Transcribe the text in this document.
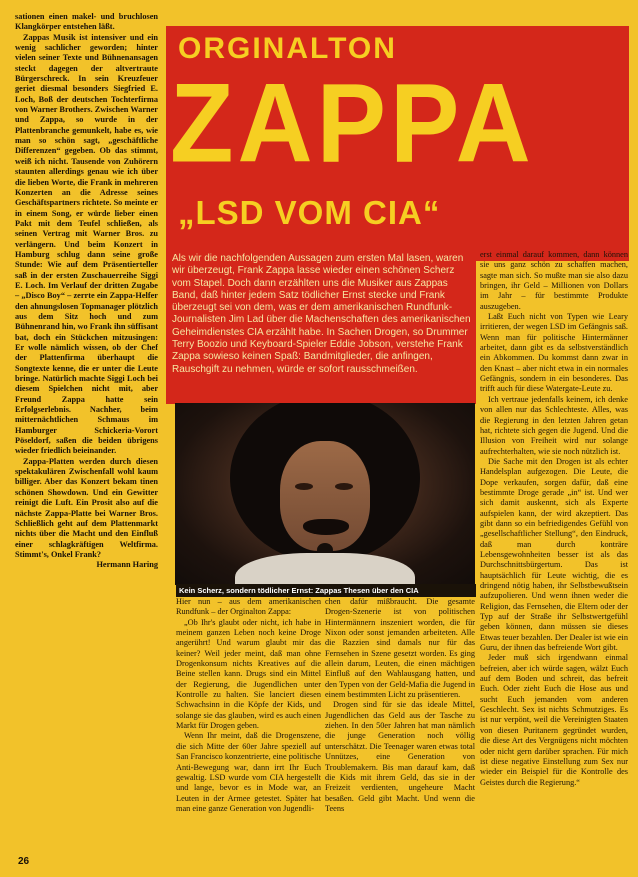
sationen einen makel- und bruchlosen Klangkörper entstehen läßt.

Zappas Musik ist intensiver und ein wenig sachlicher geworden; hinter vielen seiner Texte und Bühnenansagen steckt dagegen der altvertraute Bürgerschreck. In sein Kreuzfeuer geriet diesmal besonders Siegfried E. Loch, Boß der deutschen Tochterfirma von Warner Brothers. Zwischen Warner und Zappa, so wurde in der Plattenbranche gemunkelt, habe es, wie man so schön sagt, „geschäftliche Differenzen“ gegeben. Ob das stimmt, weiß ich nicht. Tausende von Zuhörern staunten allerdings genau wie ich über die lieben Worte, die Frank in mehreren Konzerten an die Adresse seines Geschäftspartners richtete. So meinte er in einem Song, er würde lieber einen Pakt mit dem Teufel schließen, als seinen Vertrag mit Warner Bros. zu verlängern. Und beim Konzert in Hamburg schlug dann seine große Stunde: Wie auf dem Präsentierteller saß in der ersten Zuschauerreihe Siggi E. Loch. Im Verlauf der dritten Zugabe – „Disco Boy“ – zerrte ein Zappa-Helfer den ahnungslosen Topmanager plötzlich aus dem Sitz hoch und zum Bühnenrand hin, wo Frank ihn süffisant bat, doch ein Stückchen mitzusingen: Er wolle nämlich wissen, ob der Chef der Plattenfirma überhaupt die Songtexte kenne, die er unter die Leute bringe. Natürlich machte Siggi Loch bei diesem Spielchen nicht mit, aber Freund Zappa hatte sein Erfolgserlebnis. Nachher, beim mitternächtlichen Schmaus im Hamburger Schickeria-Vorort Pöseldorf, saßen die beiden übrigens wieder friedlich beieinander.

Zappa-Platten werden durch diesen spektakulären Zwischenfall wohl kaum billiger. Aber das Konzert bekam tinen schönen Showdown. Und ein Gewitter reinigt die Luft. Ein Prosit also auf die nächste Zappa-Platte bei Warner Bros. Schließlich geht auf dem Plattenmarkt nichts über die Macht und den Einfluß einer schlagkräftigen Weltfirma. Stimmt's, Onkel Frank?

Hermann Haring

ORGINALTON
ZAPPA
„LSD VOM CIA“
Als wir die nachfolgenden Aussagen zum ersten Mal lasen, waren wir überzeugt, Frank Zappa lasse wieder einen schönen Scherz vom Stapel. Doch dann erzählten uns die Musiker aus Zappas Band, daß hinter jedem Satz tödlicher Ernst stecke und Frank überzeugt sei von dem, was er dem amerikanischen Rundfunk-Journalisten Jim Lad über die Machenschaften des amerikanischen Geheimdienstes CIA erzählt habe. In Sachen Drogen, so Drummer Terry Boozio und Keyboard-Spieler Eddie Jobson, verstehe Frank Zappa sowieso keinen Spaß: Bandmitglieder, die anfingen, Rauschgift zu nehmen, würde er sofort rausschmeißen.

erst einmal darauf kommen, dann können sie uns ganz schön zu schaffen machen, sagte man sich. So mußte man sie also dazu bringen, ihr Geld – Millionen von Dollars im Jahr – für bestimmte Produkte auszugeben.

Laßt Euch nicht von Typen wie Leary irritieren, der wegen LSD im Gefängnis saß. Wenn man für politische Hintermänner arbeitet, dann gibt es da selbstverständlich ein Abkommen. Du kommst dann zwar in den Knast – aber nicht etwa in ein normales Gefängnis, sondern in ein besonderes. Das trifft auch für diese Watergate-Leute zu.

Ich vertraue jedenfalls keinem, ich denke von allen nur das Schlechteste. Alles, was die Regierung in den letzten Jahren getan hat, richtete sich gegen die Jugend. Und die Illusion von Freiheit wird nur solange aufrechterhalten, wie sie noch nützlich ist.

Die Sache mit den Drogen ist als echter Handelsplan aufgezogen. Die Leute, die Dope verkaufen, sorgen dafür, daß eine bestimmte Droge gerade „in“ ist. Und wer sich damit auskennt, sich als Experte aufspielen kann, der wird akzeptiert. Das gibt dann so ein befriedigendes Gefühl von „gesellschaftlicher Stellung“, den Eindruck, daß man durch konträre Lebensgewohnheiten besser ist als das Durchschnittsbürgertum. Das ist hauptsächlich für Leute wichtig, die es dringend nötig haben, ihr Selbstbewußtsein aufzupolieren. Und wenn ihnen weder die Religion, das Fernsehen, die Eltern oder der Typ auf der Straße ihr Selbstwertgefühl geben können, dann müssen sie dieses Etwas teuer bezahlen. Der Dealer ist wie ein Guru, der ihnen das befreiende Wort gibt.

Jeder muß sich irgendwann einmal befreien, aber ich würde sagen, wälzt Euch auf dem Boden und schreit, das befreit Euch. Oder zieht Euch die Hose aus und sucht Euch jemanden vom anderen Geschlecht. Sex ist nichts Schmutziges. Es ist nur verpönt, weil die Vereinigten Staaten von diesen Puritanern gegründet wurden, die diese Art des Vergnügens nicht möchten oder nicht gern darüber sprachen. Für mich ist diese negative Einstellung zum Sex nur wieder ein Beispiel für die Kontrolle des Geistes durch die Regierung.“

Kein Scherz, sondern tödlicher Ernst: Zappas Thesen über den CIA

Hier nun – aus dem amerikanischen Rundfunk – der Orginalton Zappa:

„Ob Ihr's glaubt oder nicht, ich habe in meinem ganzen Leben noch keine Droge angerührt! Und warum glaubt mir das keiner? Weil jeder meint, daß man ohne Drogenkonsum nichts Kreatives auf die Beine stellen kann. Drugs sind ein Mittel der Regierung, die Jugendlichen unter Kontrolle zu halten. Sie lanciert diesen Schwachsinn in die Köpfe der Kids, und solange sie das glauben, wird es auch einen Markt für Drogen geben.

Wenn Ihr meint, daß die Drogenszene, die sich Mitte der 60er Jahre speziell auf San Francisco konzentrierte, eine politische Anti-Bewegung war, dann irrt Ihr Euch gewaltig. LSD wurde vom CIA hergestellt und lange, bevor es in Mode war, an Leuten in der Armee getestet. Später hat man eine ganze Generation von Jugendli-

chen dafür mißbraucht. Die gesamte Drogen-Szenerie ist von politischen Hintermännern inszeniert worden, die für Nixon oder sonst jemanden arbeiteten. Alle die Razzien sind damals nur für das Fernsehen in Szene gesetzt worden. Es ging allein darum, Leuten, die einen mächtigen Einfluß auf den Wahlausgang hatten, und den Typen von der Geld-Mafia die Jugend in einem bestimmten Licht zu präsentieren.

Drogen sind für sie das ideale Mittel, Jugendlichen das Geld aus der Tasche zu ziehen. In den 50er Jahren hat man nämlich die junge Generation noch völlig unterschätzt. Die Teenager waren etwas total Unnützes, eine Generation von Troublemakern. Bis man darauf kam, daß die Kids mit ihrem Geld, das sie in der Freizeit verdienten, ungeheure Macht besaßen. Geld gibt Macht. Und wenn die Teens

26
